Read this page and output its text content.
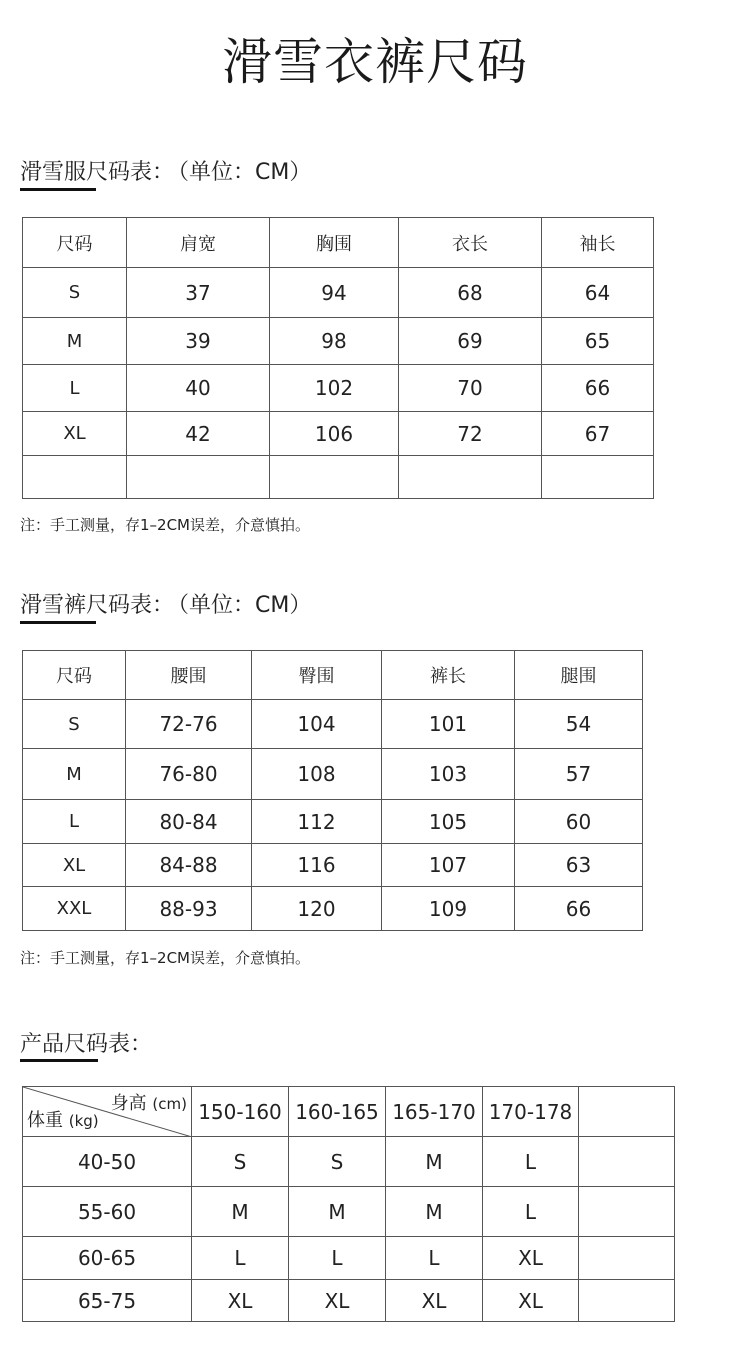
滑雪衣裤尺码
滑雪服尺码表： （单位：CM）
尺码	肩宽	胸围	衣长	袖长
S	37	94	68	64
M	39	98	69	65
L	40	102	70	66
XL	42	106	72	67

注：手工测量，存1–2CM误差，介意慎拍。
滑雪裤尺码表： （单位：CM）
尺码	腰围	臀围	裤长	腿围
S	72-76	104	101	54
M	76-80	108	103	57
L	80-84	112	105	60
XL	84-88	116	107	63
XXL	88-93	120	109	66
注：手工测量，存1–2CM误差，介意慎拍。
产品尺码表：
身高 (cm)
体重 (kg)	150-160	160-165	165-170	170-178	
40-50	S	S	M	L	
55-60	M	M	M	L	
60-65	L	L	L	XL	
65-75	XL	XL	XL	XL	
